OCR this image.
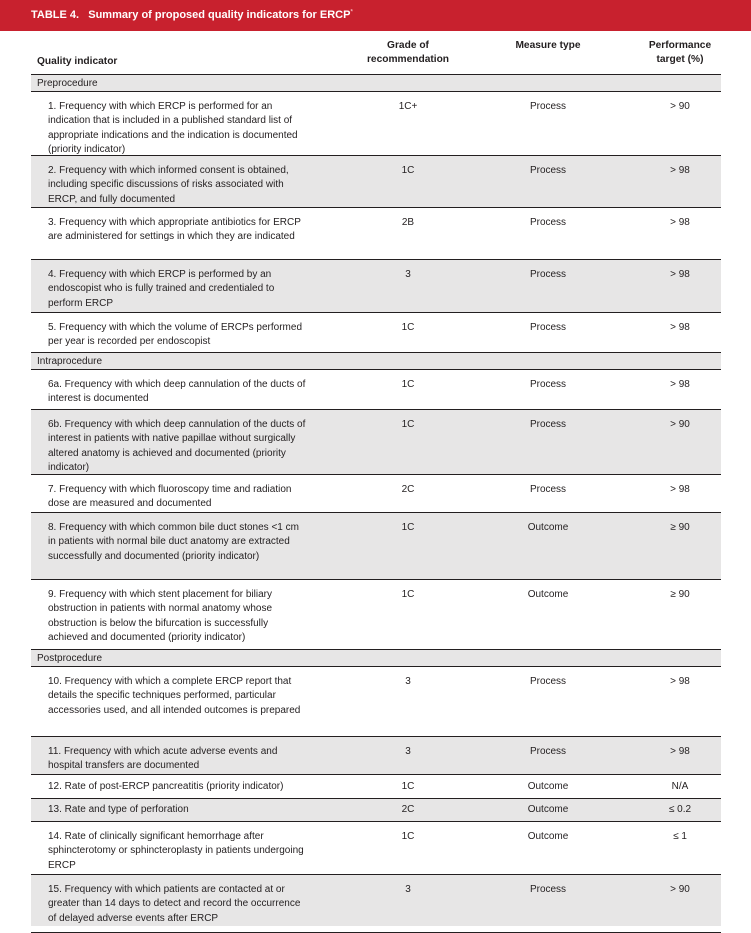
TABLE 4. Summary of proposed quality indicators for ERCP*
Quality indicator
Grade of recommendation
Measure type	Performance target (%)
Preprocedure
1. Frequency with which ERCP is performed for an indication that is included in a published standard list of appropriate indications and the indication is documented (priority indicator)
1C+	Process	> 90
2. Frequency with which informed consent is obtained, including specific discussions of risks associated with ERCP, and fully documented
1C	Process	> 98
3. Frequency with which appropriate antibiotics for ERCP are administered for settings in which they are indicated
2B	Process	> 98
4. Frequency with which ERCP is performed by an endoscopist who is fully trained and credentialed to perform ERCP
3	Process	> 98
5. Frequency with which the volume of ERCPs performed per year is recorded per endoscopist
1C	Process	> 98
Intraprocedure
6a. Frequency with which deep cannulation of the ducts of interest is documented
1C	Process	> 98
6b. Frequency with which deep cannulation of the ducts of interest in patients with native papillae without surgically altered anatomy is achieved and documented (priority indicator)
1C	Process	> 90
7. Frequency with which fluoroscopy time and radiation dose are measured and documented
2C	Process	> 98
8. Frequency with which common bile duct stones <1 cm in patients with normal bile duct anatomy are extracted successfully and documented (priority indicator)
1C	Outcome	≥ 90
9. Frequency with which stent placement for biliary obstruction in patients with normal anatomy whose obstruction is below the bifurcation is successfully achieved and documented (priority indicator)
1C	Outcome	≥ 90
Postprocedure
10. Frequency with which a complete ERCP report that details the specific techniques performed, particular accessories used, and all intended outcomes is prepared
3	Process	> 98
11. Frequency with which acute adverse events and hospital transfers are documented
3	Process	> 98
12. Rate of post-ERCP pancreatitis (priority indicator)	1C	Outcome	N/A
13. Rate and type of perforation	2C	Outcome	≤ 0.2
14. Rate of clinically significant hemorrhage after sphincterotomy or sphincteroplasty in patients undergoing ERCP
1C	Outcome	≤ 1
15. Frequency with which patients are contacted at or greater than 14 days to detect and record the occurrence of delayed adverse events after ERCP
3	Process	> 90
